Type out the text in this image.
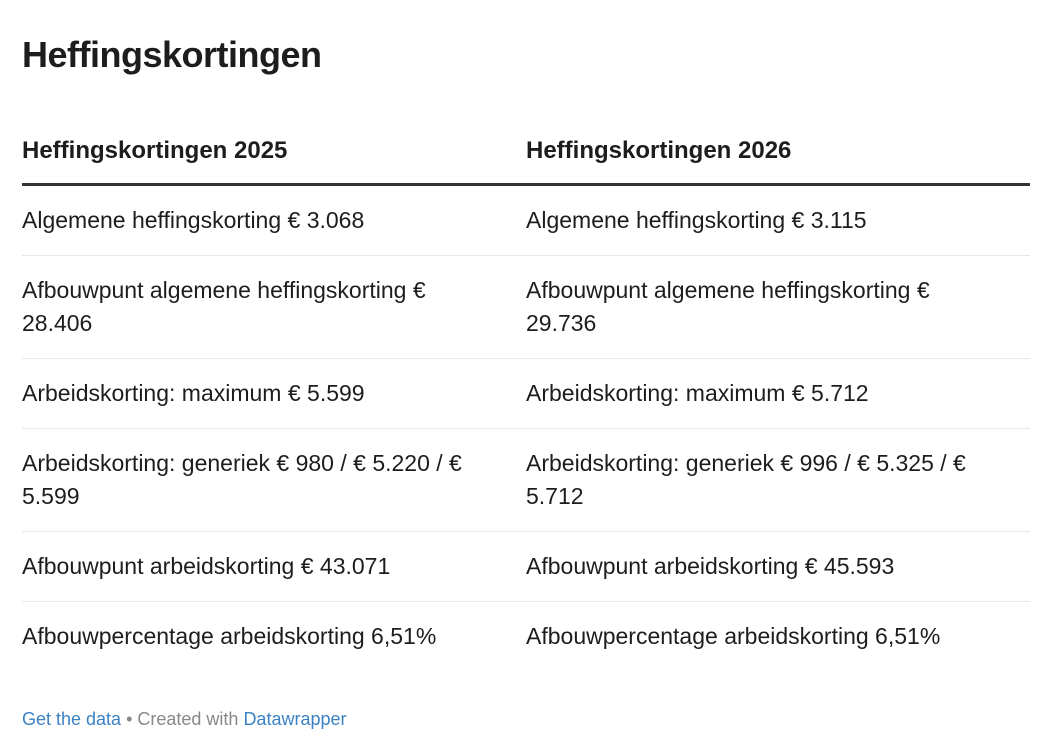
Heffingskortingen
Heffingskortingen 2025	Heffingskortingen 2026
Algemene heffingskorting € 3.068	Algemene heffingskorting € 3.115
Afbouwpunt algemene heffingskorting € 28.406	Afbouwpunt algemene heffingskorting € 29.736
Arbeidskorting: maximum € 5.599	Arbeidskorting: maximum € 5.712
Arbeidskorting: generiek € 980 / € 5.220 / € 5.599	Arbeidskorting: generiek € 996 / € 5.325 / € 5.712
Afbouwpunt arbeidskorting € 43.071	Afbouwpunt arbeidskorting € 45.593
Afbouwpercentage arbeidskorting 6,51%	Afbouwpercentage arbeidskorting 6,51%
Get the data • Created with Datawrapper
